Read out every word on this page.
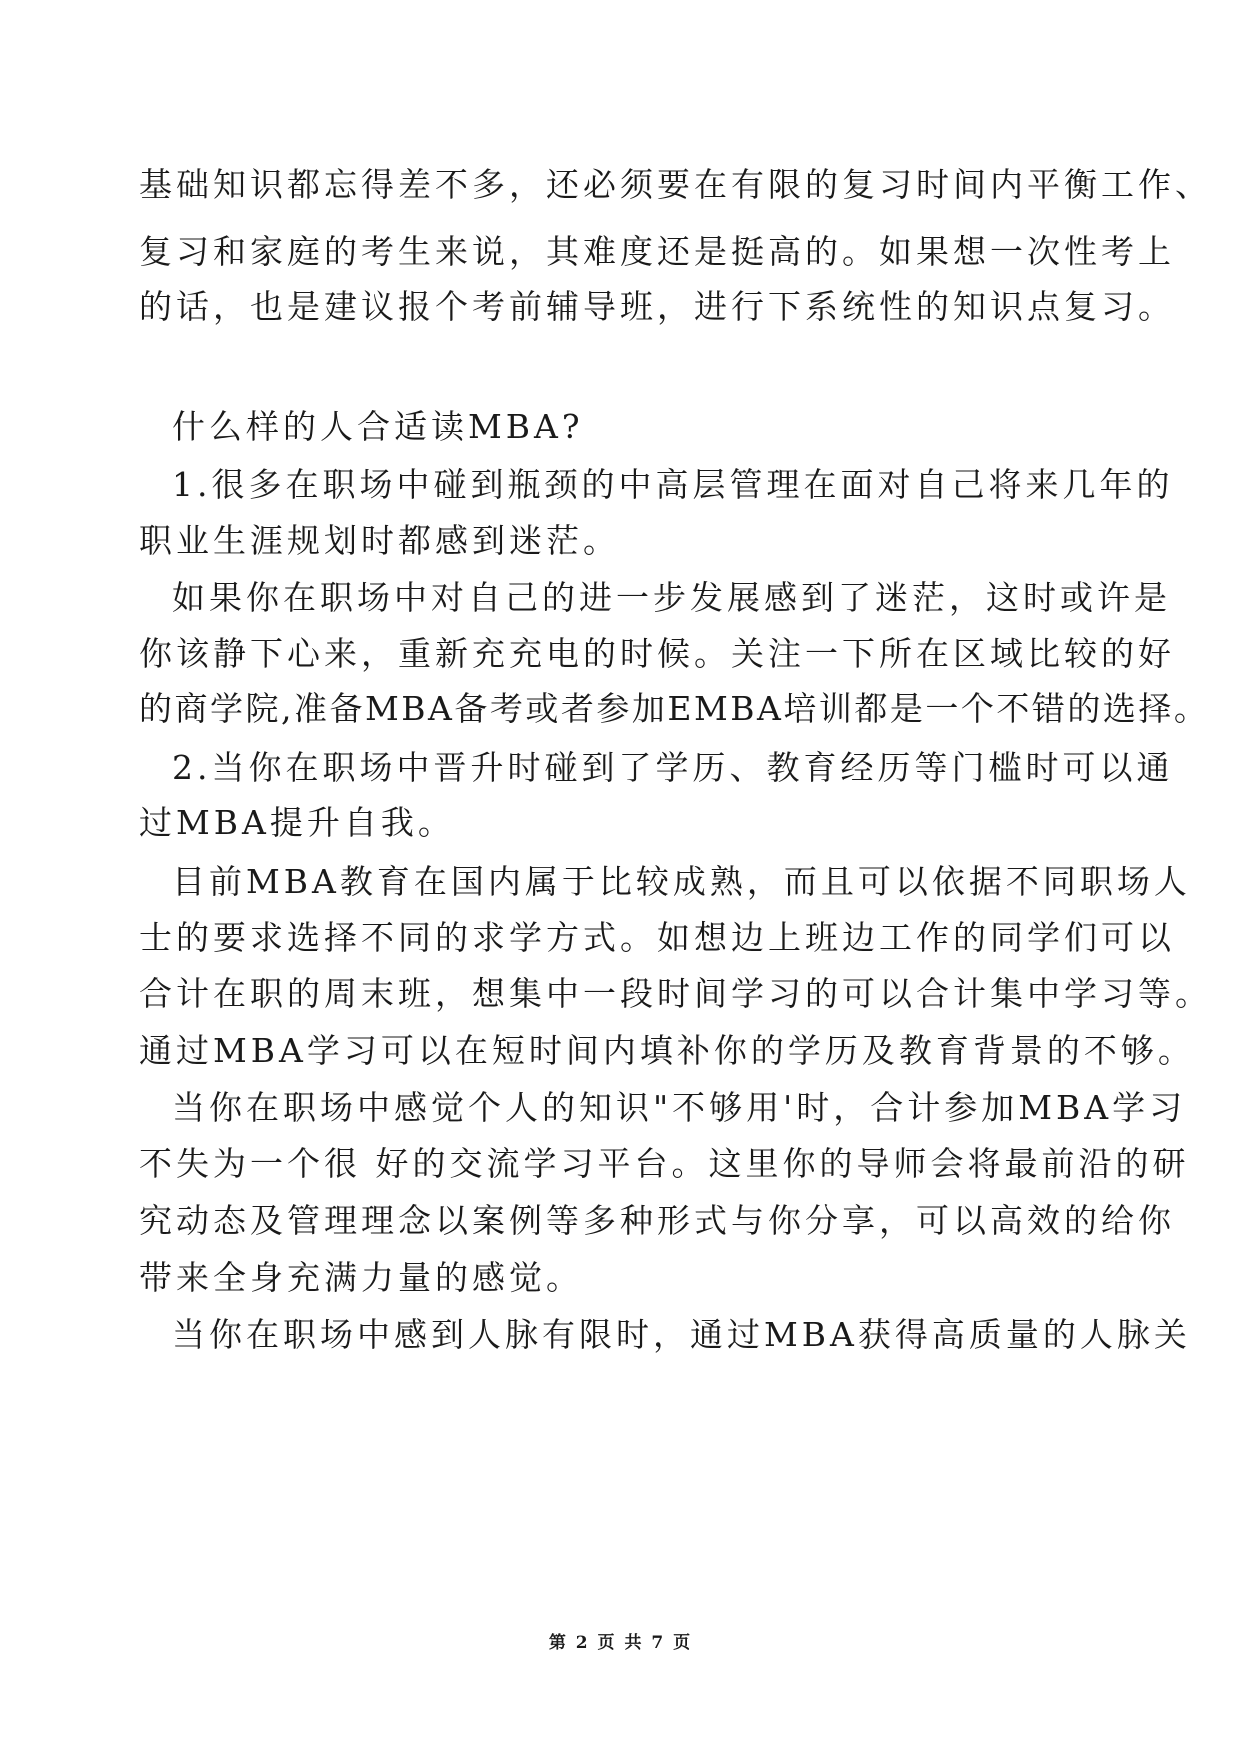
基础知识都忘得差不多，还必须要在有限的复习时间内平衡工作、
复习和家庭的考生来说，其难度还是挺高的。如果想一次性考上
的话，也是建议报个考前辅导班，进行下系统性的知识点复习。
什么样的人合适读MBA?
1.很多在职场中碰到瓶颈的中高层管理在面对自己将来几年的
职业生涯规划时都感到迷茫。
如果你在职场中对自己的进一步发展感到了迷茫，这时或许是
你该静下心来，重新充充电的时候。关注一下所在区域比较的好
的商学院,准备MBA备考或者参加EMBA培训都是一个不错的选择。
2.当你在职场中晋升时碰到了学历、教育经历等门槛时可以通
过MBA提升自我。
目前MBA教育在国内属于比较成熟，而且可以依据不同职场人
士的要求选择不同的求学方式。如想边上班边工作的同学们可以
合计在职的周末班，想集中一段时间学习的可以合计集中学习等。
通过MBA学习可以在短时间内填补你的学历及教育背景的不够。
当你在职场中感觉个人的知识"不够用'时，合计参加MBA学习
不失为一个很 好的交流学习平台。这里你的导师会将最前沿的研
究动态及管理理念以案例等多种形式与你分享，可以高效的给你
带来全身充满力量的感觉。
当你在职场中感到人脉有限时，通过MBA获得高质量的人脉关
第 2 页 共 7 页
